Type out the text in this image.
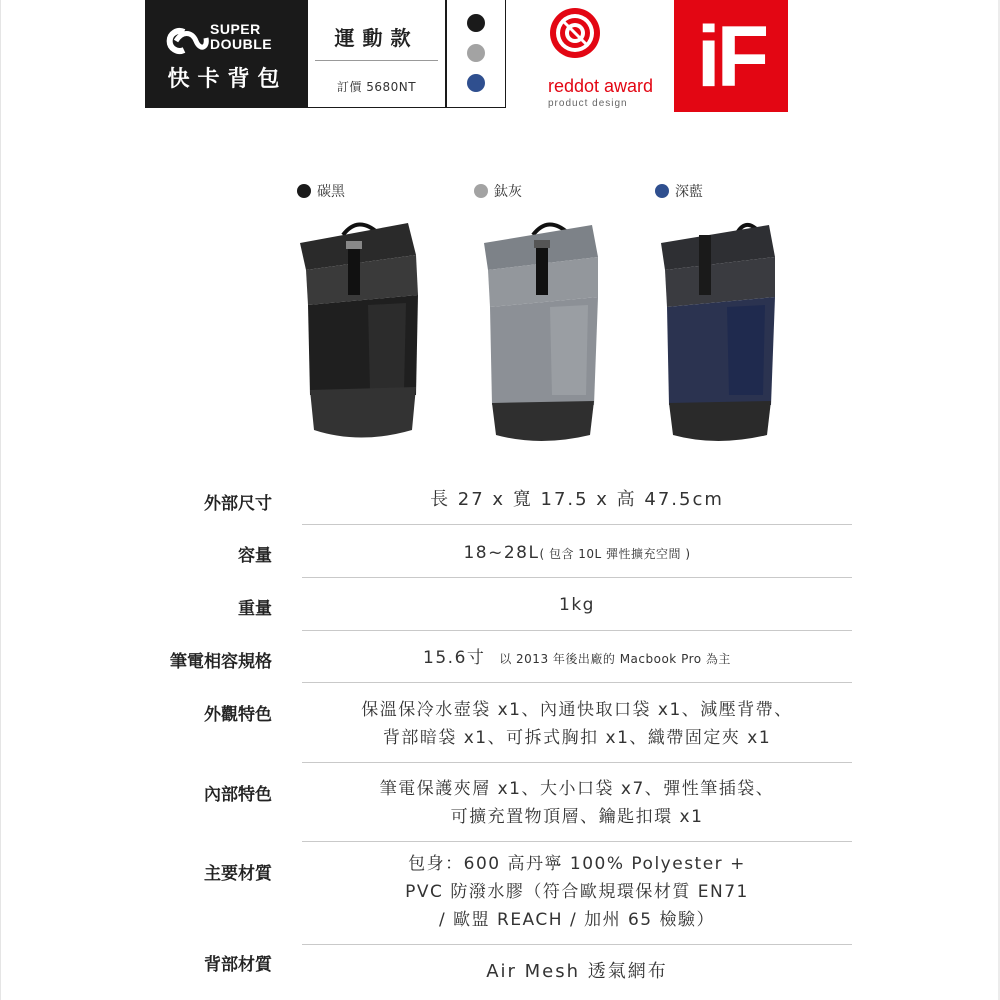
SUPER
DOUBLE
快卡背包
運動款
訂價 5680NT	reddot award
product design iF
碳黑	鈦灰	深藍
外部尺寸	長 27 x 寬 17.5 x 高 47.5cm
容量	18~28L( 包含 10L 彈性擴充空間 )
重量	1kg
筆電相容規格	15.6寸 以 2013 年後出廠的 Macbook Pro 為主
外觀特色	保溫保冷水壺袋 x1、內通快取口袋 x1、減壓背帶、
背部暗袋 x1、可拆式胸扣 x1、織帶固定夾 x1
內部特色	筆電保護夾層 x1、大小口袋 x7、彈性筆插袋、
可擴充置物頂層、鑰匙扣環 x1
主要材質	包身：600 高丹寧 100% Polyester +
PVC 防潑水膠（符合歐規環保材質 EN71
/ 歐盟 REACH / 加州 65 檢驗）
背部材質	Air Mesh 透氣網布
